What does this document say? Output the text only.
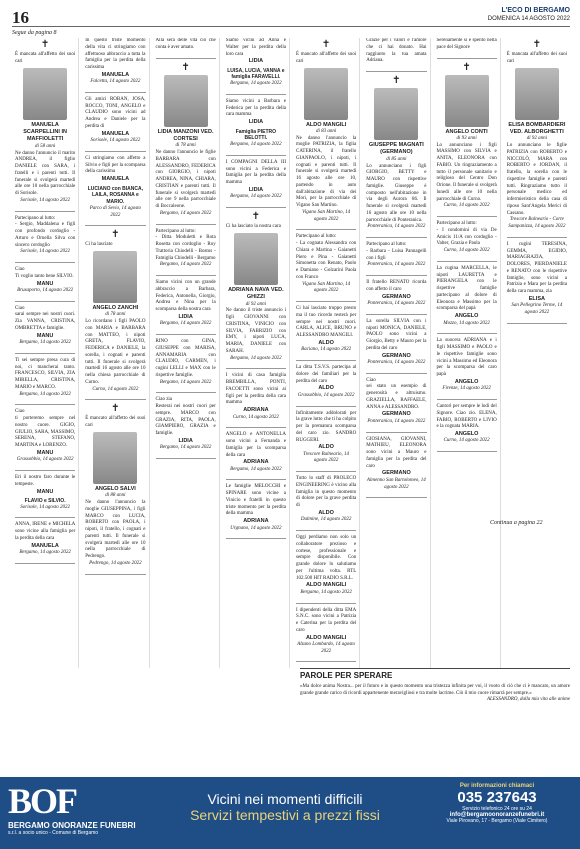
16	L'ECO DI BERGAMO
DOMENICA 14 AGOSTO 2022
Segue da pagina 8
✝
È mancata all'affetto dei suoi cari
MANUELA SCARPELLINI IN MAFFIOLETTI
di 58 anni
Ne danno l'annuncio il marito ANDREA, il figlio DANIELE con SARA, i fratelli e i parenti tutti. Il funerale si svolgerà martedì alle ore 10 nella parrocchiale di Sorisole.
Sorisole, 14 agosto 2022
Partecipano al lutto:
- Sergio, Maddalena e figli con profondo cordoglio - Arturo e Ornella Silva con sincero cordoglio
Sorisole, 14 agosto 2022
Ciao
Ti voglio tanto bene SILVIO.
MANU
Brusaporto, 14 agosto 2022
Ciao
sarai sempre nei nostri cuori. Zia VANNA, CRISTINA, OMBRETTA e famiglie.
MANU
Bergamo, 14 agosto 2022
Ti sei sempre presa cura di noi, ci mancherai tanto. FRANCESCO, SILVIA, ZIA MIRELLA, CRISTINA, MARIO e MARCO.
Bergamo, 14 agosto 2022
Ciao
ti porteremo sempre nel nostro cuore. GIGIO, GIULIO, SARA, MASSIMO, SERENA, STEFANO, MARTINA e LORENZO.
MANU
Grassobbio, 14 agosto 2022
Eri il nostro faro durante le tempeste.
MANU
FLAVIO e SILVIO.
Sorisole, 14 agosto 2022
ANNA, IRENE e MICHELA sono vicine alla famiglia per la perdita della cara
MANUELA
Bergamo, 14 agosto 2022
In questo triste momento della vita ci stringiamo con affettuoso abbraccio a tutta la famiglia per la perdita della carissima
MANUELA
Falcetta, 14 agosto 2022
Gli amici ROBAN, JOSA, ROCCO, TONI, ANGELO e CLAUDIO sono vicini ad Andrea e Daniele per la perdita di
MANUELA
Sorisole, 14 agosto 2022
Ci stringiamo con affetto a Silvio e figli per la scomparsa della carissima
MANUELA
LUCIANO con BIANCA, LAILA, ROSANNA e MARIO.
Parco di Sevio, 14 agosto 2022
✝
Ci ha lasciato
ANGELO ZANCHI
di 78 anni
Lo ricordano i figli PAOLO con MARIA e BARBARA con MATTEO, i nipoti GRETA, FLAVIO, FEDERICA e DANIELE, la sorella, i cognati e parenti tutti. Il funerale si svolgerà martedì 16 agosto alle ore 10 nella chiesa parrocchiale di Curno.
Curno, 14 agosto 2022
✝
È mancato all'affetto dei suoi cari
ANGELO SALVI
di 88 anni
Ne danno l'annuncio la moglie GIUSEPPINA, i figli MARCO con LUCIA, ROBERTO con PAOLA, i nipoti, il fratello, i cognati e parenti tutti. Il funerale si svolgerà martedì alle ore 10 nella parrocchiale di Pedrengo.
Pedrengo, 14 agosto 2022
Alla sera delle vita ciò che conta è aver amato.
✝
LIDIA MANZONI VED. CORTESI
di 78 anni
Ne danno l'annuncio le figlie BARBARA con ALESSANDRO, FEDERICA con GIORGIO, i nipoti ANDREA, NINA, CHIARA, CRISTIAN e parenti tutti. Il funerale si svolgerà martedì alle ore 9 nella parrocchiale di Boccaleone.
Bergamo, 14 agosto 2022
Partecipano al lutto:
- Ditta Moduletti e Rota Rosetta con cordoglio - Roy Trattoria Chiodelli - Bostos - Famiglia Chiodelli - Bergamo
Bergamo, 14 agosto 2022
Siamo vicini con un grande abbraccio a Barbara, Federica, Antonella, Giorgio, Andrea e Nina per la scomparsa della nostra cara
LIDIA
Bergamo, 14 agosto 2022
RINO con GINA, GIUSEPPE con MARISA, ANNAMARIA con CLAUDIO, CARMEN, i cugini LELLI e MAX con le rispettive famiglie.
Bergamo, 14 agosto 2022
Ciao zia
Resterai nei nostri cuori per sempre. MARCO con GRAZIA, RITA, PAOLA, GIAMPIERO, GRAZIA e famiglie.
LIDIA
Bergamo, 14 agosto 2022
Siamo vicini ad Anna e Walter per la perdita della loro cara
LIDIA
LUISA, LUCIA, VANNA e famiglia FARAVELLI.
Bergamo, 14 agosto 2022
Siamo vicini a Barbara e Federica per la perdita della cara mamma
LIDIA
Famiglia PIETRO BELOTTI.
Bergamo, 14 agosto 2022
I COMPAGNI DELLA III sono vicini a Federica e famiglia per la perdita della mamma
LIDIA
Bergamo, 14 agosto 2022
✝
Ci ha lasciato la nostra cara
ADRIANA NAVA VED. GHIZZI
di 92 anni
Ne danno il triste annuncio i figli GIOVANNI con CRISTINA, VINICIO con SILVIA, FABRIZIO con EMY, i nipoti LUCA, MARIA, DANIELE con SARAH.
Bergamo, 14 agosto 2022
I vicini di casa famiglia BREMBILLA, PONTI, FACOETTI sono vicini ai figli per la perdita della cara mamma
ADRIANA
Curno, 14 agosto 2022
ANGELO e ANTONELLA sono vicini a Fernanda e famiglia per la scomparsa della cara
ADRIANA
Bergamo, 14 agosto 2022
Le famiglie MELOCCHI e SPINARE sono vicine a Vinicio e fratelli in questo triste momento per la perdita della mamma
ADRIANA
Urgnano, 14 agosto 2022
✝
È mancato all'affetto dei suoi cari
ALDO MANGILI
di 83 anni
Ne danno l'annuncio la moglie PATRIZIA, la figlia CATERINA, il fratello GIANPAOLO, i nipoti, i cognati e parenti tutti. Il funerale si svolgerà martedì 16 agosto alle ore 10, partendo in auto dall'abitazione di via dei Mori, per la parrocchiale di Vigano San Martino.
Vigano San Martino, 14 agosto 2022
Partecipano al lutto:
- La cognata Alessandra con Chiara e Martina - Gaianetti Piero e Pina - Gaianetti Simonetta con Renato, Paolo e Damiano - Golzarini Paola con Franco
Vigano San Martino, 14 agosto 2022
Ci hai lasciato troppo presto ma il tuo ricordo resterà per sempre nei nostri cuori. CARLA, ALICE, BRUNO e ALESSANDRO MANGILI.
ALDO
Baciano, 14 agosto 2022
La ditta T.S.V.S. partecipa al dolore dei familiari per la perdita del caro
ALDO
Grassobbio, 14 agosto 2022
Infinitamente addolorati per la grave lutto che ti ha colpito per la prematura scomparsa del caro zio. SANDRO RUGGERI.
ALDO
Trescore Balneario, 14 agosto 2022
Tutto lo staff di PROLECO ENGINEERING è vicino alla famiglia in questo momento di dolore per la grave perdita di
ALDO
Dalmine, 14 agosto 2022
Oggi perdiamo non solo un collaboratore prezioso e cortese, professionale e sempre disponibile. Con grande dolore lo salutiamo per l'ultima volta. RTL 102.500 HIT RADIO S.R.L.
ALDO MANGILI
Bergamo, 14 agosto 2022
I dipendenti della ditta EMA S.N.C. sono vicini a Patrizia e Caterina per la perdita del caro
ALDO MANGILI
Alzano Lombardo, 14 agosto 2022
Grazie per i valori e l'amore che ci hai donato. Hai raggiunto la tua amata Adriana.
✝
GIUSEPPE MAGNATI (GERMANO)
di 85 anni
Lo annunciano i figli GIORGIO, BETTY e MAURO con rispettive famiglie. Giuseppe è composto nell'abitazione in via degli Aurora 86. Il funerale si svolgerà martedì 16 agosto alle ore 10 nella parrocchiale di Ponteranica.
Ponteranica, 14 agosto 2022
Partecipano al lutto:
- Barbara - Luisa Pannagelli con i figli
Ponteranica, 14 agosto 2022
Il fratello RENATO ricorda con affetto il caro
GERMANO
Ponteranica, 14 agosto 2022
La sorella SILVIA con i nipoti MONICA, DANIELE, PAOLO sono vicini a Giorgio, Betty e Mauro per la perdita del caro
GERMANO
Ponteranica, 14 agosto 2022
Ciao
sei stato un esempio di generosità e altruismo. GRAZIELLA, RAFFAELE, ANNA e ALESSANDRO.
GERMANO
Ponteranica, 14 agosto 2022
GIOSIANA, GIOVANNI, MATHIEU, ELEONORA sono vicini a Mauro e famiglia per la perdita del caro
GERMANO
Almenno San Bartolomeo, 14 agosto 2022
Serenamente si è spento nella pace del Signore
✝
ANGELO CONTI
di 93 anni
Lo annunciano i figli MASSIMO con SILVIA e ANITA, ELEONORA con FABIO. Un ringraziamento a tutto il personale sanitario e religioso del Centro Don Orione. Il funerale si svolgerà lunedì alle ore 10 nella parrocchiale di Curno.
Curno, 14 agosto 2022
Partecipano al lutto:
- I condomini di via De Amicis 11/A con cordoglio - Valter, Grazia e Paola
Curno, 14 agosto 2022
La cugina MARCELLA, le nipoti LAURETTA e PIERANGELA con le rispettive famiglie partecipano al dolore di Eleonora e Massimo per la scomparsa del papà
ANGELO
Mozzo, 14 agosto 2022
La suocera ADRIANA e i figli MASSIMO e PAOLO e le rispettive famiglie sono vicini a Massimo ed Eleonora per la scomparsa del caro papà
ANGELO
Firenze, 14 agosto 2022
Cantorì per sempre le lodi del Signore. Ciao zio. ELENA, FABIO, ROBERTO e LIVIO e la cognata MARIA.
ANGELO
Curno, 14 agosto 2022
✝
È mancata all'affetto dei suoi cari
ELISA BOMBARDIERI VED. ALBORGHETTI
di 92 anni
Lo annunciano le figlie PATRIZIA con ROBERTO e NICCOLÒ, MARA con ROBERTO e JORDAN, il fratello, la sorella con le rispettive famiglie e parenti tutti. Ringraziamo tutto il personale medico ed infermieristico della casa di riposo Sant'Angela Merici di Cassano.
Trescore Balneario - Corte Sampanizza, 14 agosto 2022
I cugini TERESINA, GEMMA, EGIDIO, MARIAGRAZIA, DOLORES, PIERDANIELE e RENATO con le rispettive famiglie, sono vicini a Patrizia e Mara per la perdita della cara mamma, zia
ELISA
San Pellegrino Terme, 14 agosto 2022
Continua a pagina 22
PAROLE PER SPERARE

«Ma dolce anima Nostra... per il futuro e in questo momento una tristezza infinita per voi, il vuoto di ciò che ci è mancato, un amore grande grande carico di ricordi appartenente meravigliosi e tra molte lacrime. Ciò il mio cuore rimarrà per sempre.»

ALESSANDRO, dalla mia vita alle anime

BOF
BERGAMO ONORANZE FUNEBRI
s.r.l. a socio unico - Comune di Bergamo
Vicini nei momenti difficili
Servizi tempestivi a prezzi fissi
Per informazioni chiamaci
035 237643
Servizio telefonico 24 ore su 24
info@bergamoonoranzefunebri.it
Viale Pirovano, 17 - Bergamo (Viale Cimitero)
